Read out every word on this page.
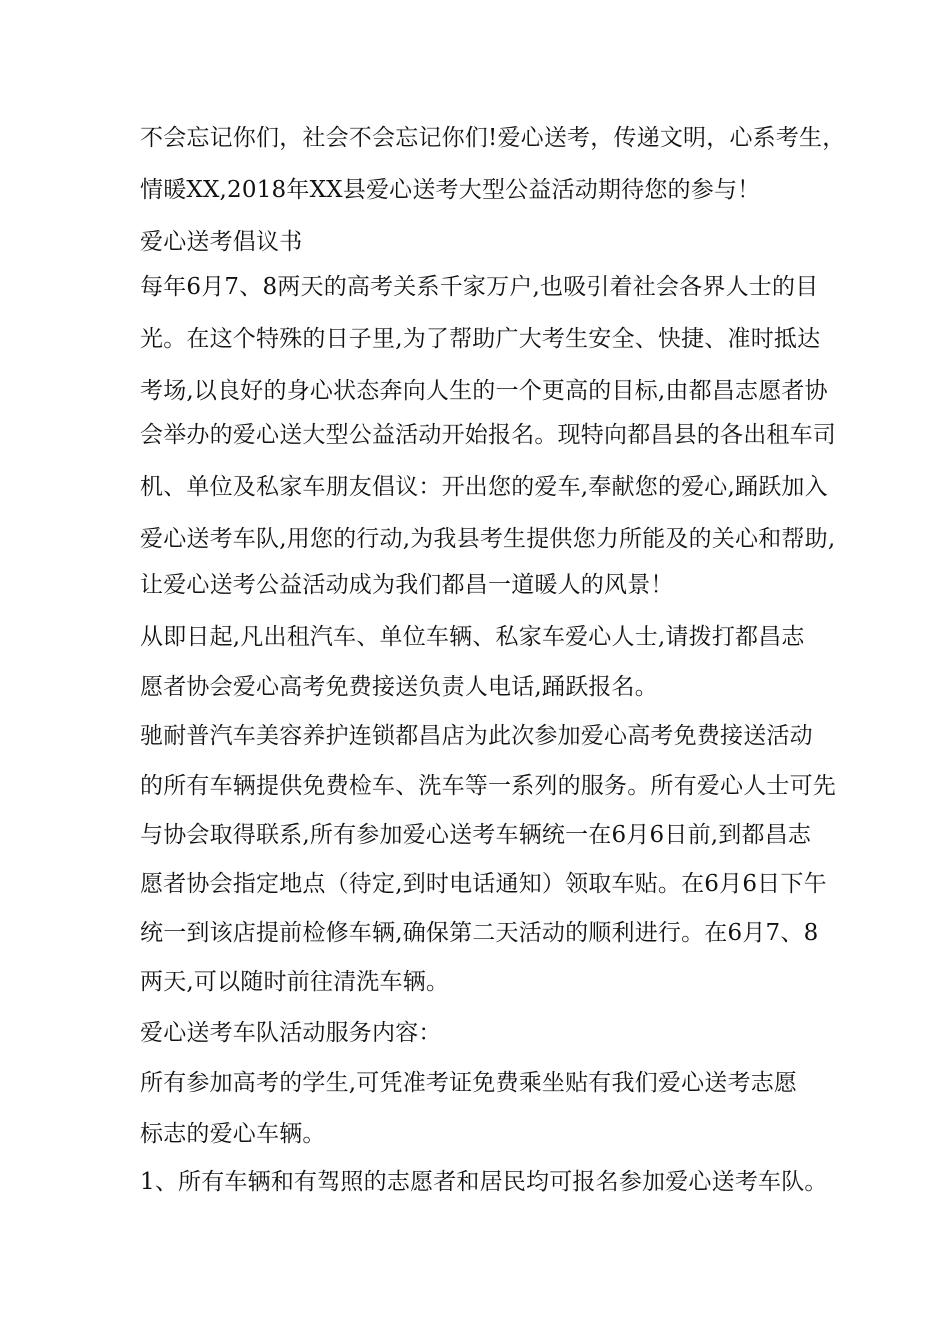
不会忘记你们，社会不会忘记你们!爱心送考，传递文明，心系考生，

情暖XX,2018年XX县爱心送考大型公益活动期待您的参与！

爱心送考倡议书

每年6月7、8两天的高考关系千家万户,也吸引着社会各界人士的目

光。在这个特殊的日子里,为了帮助广大考生安全、快捷、准时抵达

考场,以良好的身心状态奔向人生的一个更高的目标,由都昌志愿者协

会举办的爱心送大型公益活动开始报名。现特向都昌县的各出租车司

机、单位及私家车朋友倡议：开出您的爱车,奉献您的爱心,踊跃加入

爱心送考车队,用您的行动,为我县考生提供您力所能及的关心和帮助,

让爱心送考公益活动成为我们都昌一道暖人的风景！

从即日起,凡出租汽车、单位车辆、私家车爱心人士,请拨打都昌志

愿者协会爱心高考免费接送负责人电话,踊跃报名。

驰耐普汽车美容养护连锁都昌店为此次参加爱心高考免费接送活动

的所有车辆提供免费检车、洗车等一系列的服务。所有爱心人士可先

与协会取得联系,所有参加爱心送考车辆统一在6月6日前,到都昌志

愿者协会指定地点（待定,到时电话通知）领取车贴。在6月6日下午

统一到该店提前检修车辆,确保第二天活动的顺利进行。在6月7、8

两天,可以随时前往清洗车辆。

爱心送考车队活动服务内容：

所有参加高考的学生,可凭准考证免费乘坐贴有我们爱心送考志愿

标志的爱心车辆。

1、所有车辆和有驾照的志愿者和居民均可报名参加爱心送考车队。
